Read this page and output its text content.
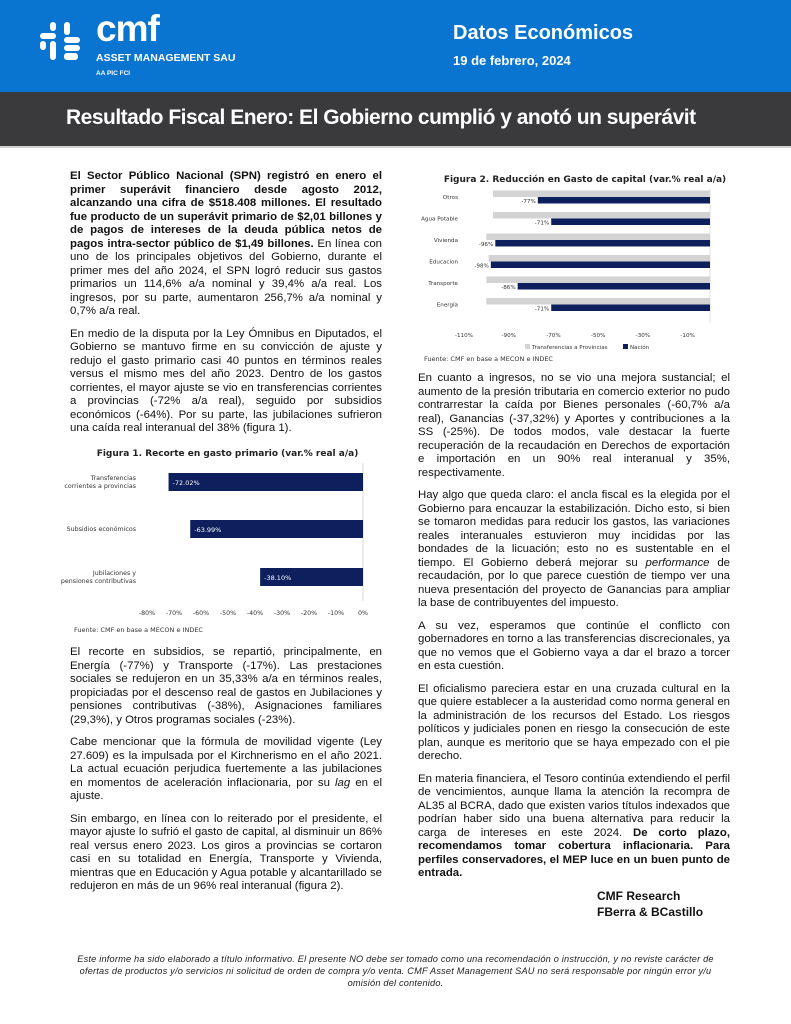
cmf
ASSET MANAGEMENT SAU
AA PIC FCI
Datos Económicos
19 de febrero, 2024
Resultado Fiscal Enero: El Gobierno cumplió y anotó un superávit

El Sector Público Nacional (SPN) registró en enero el primer superávit financiero desde agosto 2012, alcanzando una cifra de $518.408 millones. El resultado fue producto de un superávit primario de $2,01 billones y de pagos de intereses de la deuda pública netos de pagos intra-sector público de $1,49 billones. En línea con uno de los principales objetivos del Gobierno, durante el primer mes del año 2024, el SPN logró reducir sus gastos primarios un 114,6% a/a nominal y 39,4% a/a real. Los ingresos, por su parte, aumentaron 256,7% a/a nominal y 0,7% a/a real.

En medio de la disputa por la Ley Ómnibus en Diputados, el Gobierno se mantuvo firme en su convicción de ajuste y redujo el gasto primario casi 40 puntos en términos reales versus el mismo mes del año 2023. Dentro de los gastos corrientes, el mayor ajuste se vio en transferencias corrientes a provincias (-72% a/a real), seguido por subsidios económicos (-64%). Por su parte, las jubilaciones sufrieron una caída real interanual del 38% (figura 1).

Figura 1. Recorte en gasto primario (var.% real a/a)
-72.02%
Transferencias
corrientes a provincias
-63.99%
Subsidios económicos
-38.10%
Jubilaciones y
pensiones contributivas
-80% -70% -60% -50% -40% -30% -20% -10% 0%
Fuente: CMF en base a MECON e INDEC

El recorte en subsidios, se repartió, principalmente, en Energía (-77%) y Transporte (-17%). Las prestaciones sociales se redujeron en un 35,33% a/a en términos reales, propiciadas por el descenso real de gastos en Jubilaciones y pensiones contributivas (-38%), Asignaciones familiares (29,3%), y Otros programas sociales (-23%).

Cabe mencionar que la fórmula de movilidad vigente (Ley 27.609) es la impulsada por el Kirchnerismo en el año 2021. La actual ecuación perjudica fuertemente a las jubilaciones en momentos de aceleración inflacionaria, por su lag en el ajuste.

Sin embargo, en línea con lo reiterado por el presidente, el mayor ajuste lo sufrió el gasto de capital, al disminuir un 86% real versus enero 2023. Los giros a provincias se cortaron casi en su totalidad en Energía, Transporte y Vivienda, mientras que en Educación y Agua potable y alcantarillado se redujeron en más de un 96% real interanual (figura 2).

Figura 2. Reducción en Gasto de capital (var.% real a/a)
Otros
-77%
Agua Potable
-71%
Vivienda
-96%
Educacion
-98%
Transporte
-86%
Energía
-71%
-110%	-90%	-70%	-50%	-30%	-10%
Transferencias a Provincias	Nación
Fuente: CMF en base a MECON e INDEC

En cuanto a ingresos, no se vio una mejora sustancial; el aumento de la presión tributaria en comercio exterior no pudo contrarrestar la caída por Bienes personales (-60,7% a/a real), Ganancias (-37,32%) y Aportes y contribuciones a la SS (-25%). De todos modos, vale destacar la fuerte recuperación de la recaudación en Derechos de exportación e importación en un 90% real interanual y 35%, respectivamente.

Hay algo que queda claro: el ancla fiscal es la elegida por el Gobierno para encauzar la estabilización. Dicho esto, si bien se tomaron medidas para reducir los gastos, las variaciones reales interanuales estuvieron muy incididas por las bondades de la licuación; esto no es sustentable en el tiempo. El Gobierno deberá mejorar su performance de recaudación, por lo que parece cuestión de tiempo ver una nueva presentación del proyecto de Ganancias para ampliar la base de contribuyentes del impuesto.

A su vez, esperamos que continúe el conflicto con gobernadores en torno a las transferencias discrecionales, ya que no vemos que el Gobierno vaya a dar el brazo a torcer en esta cuestión.

El oficialismo pareciera estar en una cruzada cultural en la que quiere establecer a la austeridad como norma general en la administración de los recursos del Estado. Los riesgos políticos y judiciales ponen en riesgo la consecución de este plan, aunque es meritorio que se haya empezado con el pie derecho.

En materia financiera, el Tesoro continúa extendiendo el perfil de vencimientos, aunque llama la atención la recompra de AL35 al BCRA, dado que existen varios títulos indexados que podrían haber sido una buena alternativa para reducir la carga de intereses en este 2024. De corto plazo, recomendamos tomar cobertura inflacionaria. Para perfiles conservadores, el MEP luce en un buen punto de entrada.

CMF Research
FBerra & BCastillo
Este informe ha sido elaborado a título informativo. El presente NO debe ser tomado como una recomendación o instrucción, y no reviste carácter de ofertas de productos y/o servicios ni solicitud de orden de compra y/o venta. CMF Asset Management SAU no será responsable por ningún error y/u omisión del contenido.
